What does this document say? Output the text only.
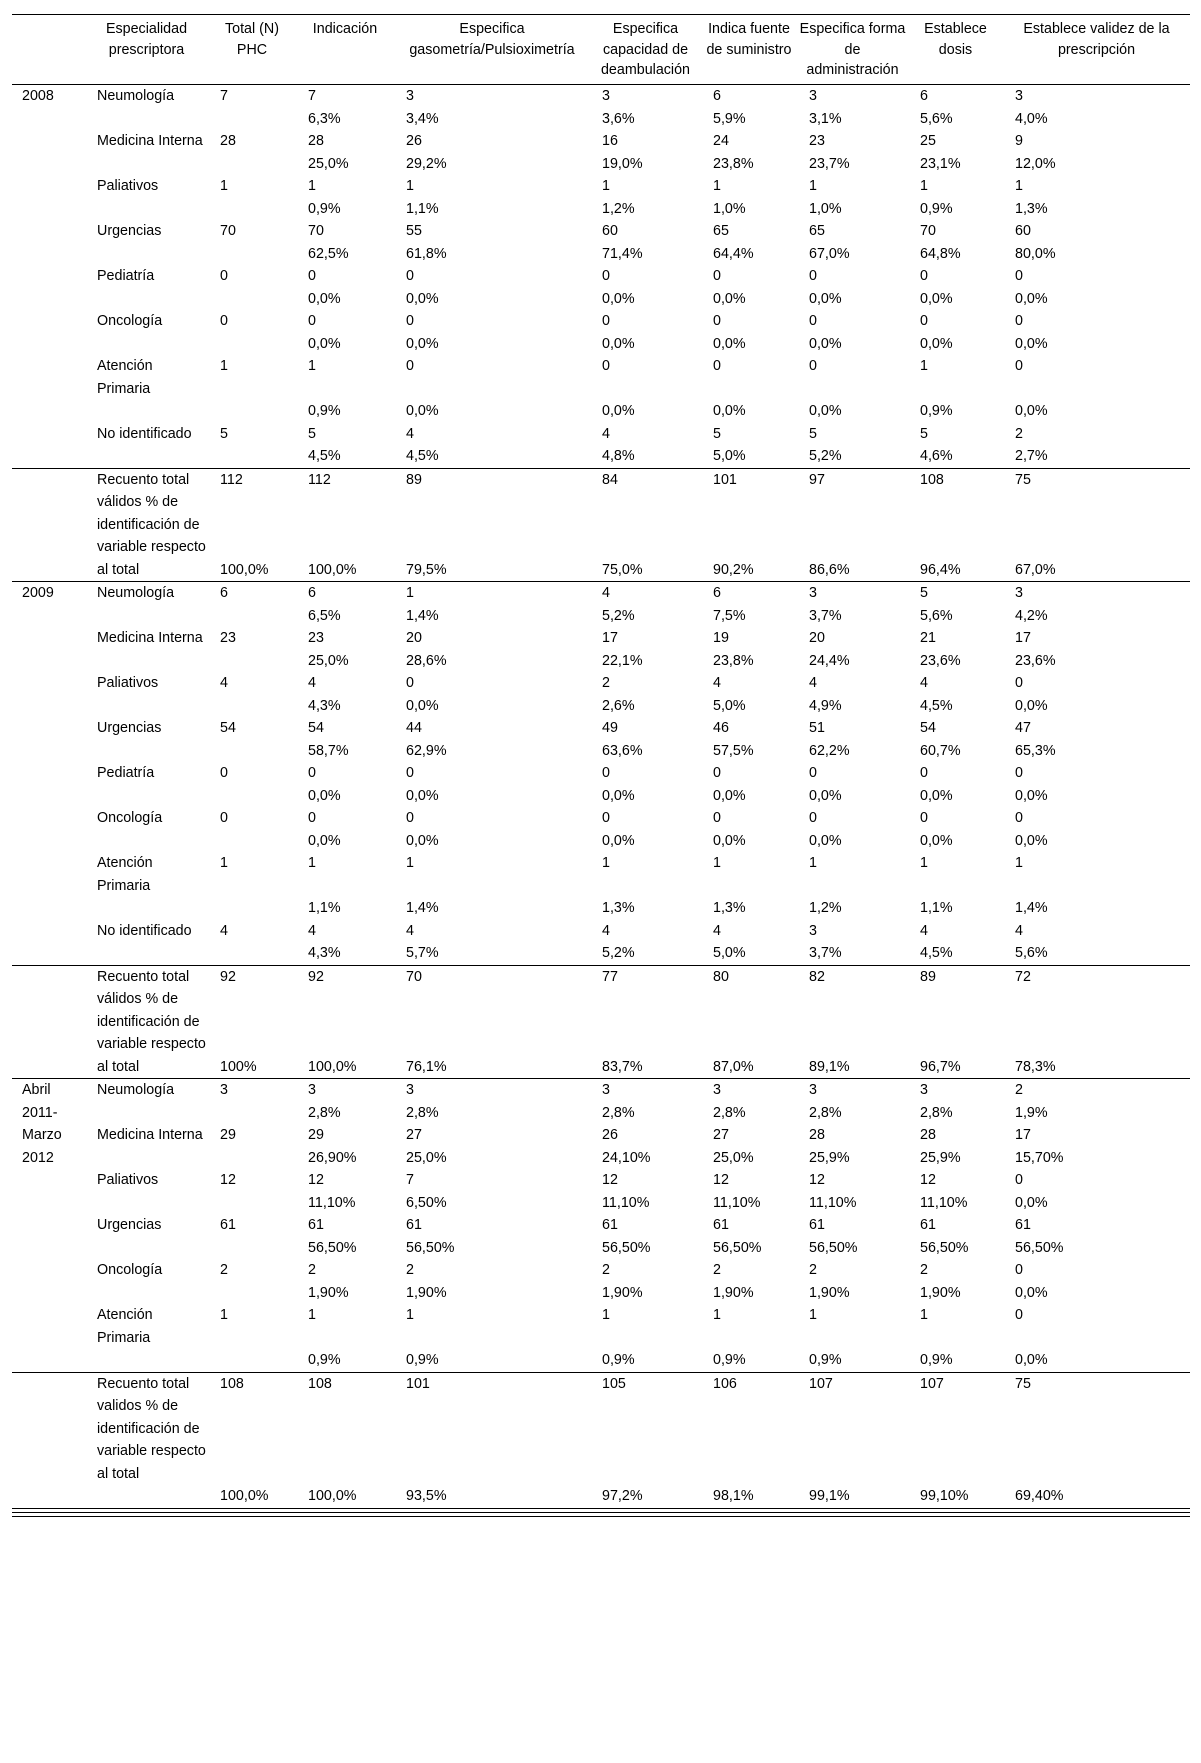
	Especialidad prescriptora	Total (N) PHC	Indicación	Especifica gasometría/Pulsioximetría	Especifica capacidad de deambulación	Indica fuente de suministro	Especifica forma de administración	Establece dosis	Establece validez de la prescripción
2008	Neumología	7	7	3	3	6	3	6	3
			6,3%	3,4%	3,6%	5,9%	3,1%	5,6%	4,0%
	Medicina Interna	28	28	26	16	24	23	25	9
			25,0%	29,2%	19,0%	23,8%	23,7%	23,1%	12,0%
	Paliativos	1	1	1	1	1	1	1	1
			0,9%	1,1%	1,2%	1,0%	1,0%	0,9%	1,3%
	Urgencias	70	70	55	60	65	65	70	60
			62,5%	61,8%	71,4%	64,4%	67,0%	64,8%	80,0%
	Pediatría	0	0	0	0	0	0	0	0
			0,0%	0,0%	0,0%	0,0%	0,0%	0,0%	0,0%
	Oncología	0	0	0	0	0	0	0	0
			0,0%	0,0%	0,0%	0,0%	0,0%	0,0%	0,0%
	Atención Primaria	1	1	0	0	0	0	1	0
			0,9%	0,0%	0,0%	0,0%	0,0%	0,9%	0,0%
	No identificado	5	5	4	4	5	5	5	2
			4,5%	4,5%	4,8%	5,0%	5,2%	4,6%	2,7%
	Recuento total válidos % de identificación de variable respecto	112	112	89	84	101	97	108	75
	al total	100,0%	100,0%	79,5%	75,0%	90,2%	86,6%	96,4%	67,0%
2009	Neumología	6	6	1	4	6	3	5	3
			6,5%	1,4%	5,2%	7,5%	3,7%	5,6%	4,2%
	Medicina Interna	23	23	20	17	19	20	21	17
			25,0%	28,6%	22,1%	23,8%	24,4%	23,6%	23,6%
	Paliativos	4	4	0	2	4	4	4	0
			4,3%	0,0%	2,6%	5,0%	4,9%	4,5%	0,0%
	Urgencias	54	54	44	49	46	51	54	47
			58,7%	62,9%	63,6%	57,5%	62,2%	60,7%	65,3%
	Pediatría	0	0	0	0	0	0	0	0
			0,0%	0,0%	0,0%	0,0%	0,0%	0,0%	0,0%
	Oncología	0	0	0	0	0	0	0	0
			0,0%	0,0%	0,0%	0,0%	0,0%	0,0%	0,0%
	Atención Primaria	1	1	1	1	1	1	1	1
			1,1%	1,4%	1,3%	1,3%	1,2%	1,1%	1,4%
	No identificado	4	4	4	4	4	3	4	4
			4,3%	5,7%	5,2%	5,0%	3,7%	4,5%	5,6%
	Recuento total válidos % de identificación de variable respecto	92	92	70	77	80	82	89	72
	al total	100%	100,0%	76,1%	83,7%	87,0%	89,1%	96,7%	78,3%
Abril 2011-Marzo 2012	Neumología	3	3	3	3	3	3	3	2
			2,8%	2,8%	2,8%	2,8%	2,8%	2,8%	1,9%
	Medicina Interna	29	29	27	26	27	28	28	17
			26,90%	25,0%	24,10%	25,0%	25,9%	25,9%	15,70%
	Paliativos	12	12	7	12	12	12	12	0
			11,10%	6,50%	11,10%	11,10%	11,10%	11,10%	0,0%
	Urgencias	61	61	61	61	61	61	61	61
			56,50%	56,50%	56,50%	56,50%	56,50%	56,50%	56,50%
	Oncología	2	2	2	2	2	2	2	0
			1,90%	1,90%	1,90%	1,90%	1,90%	1,90%	0,0%
	Atención Primaria	1	1	1	1	1	1	1	0
			0,9%	0,9%	0,9%	0,9%	0,9%	0,9%	0,0%
	Recuento total validos % de identificación de variable respecto al total	108	108	101	105	106	107	107	75
		100,0%	100,0%	93,5%	97,2%	98,1%	99,1%	99,10%	69,40%
